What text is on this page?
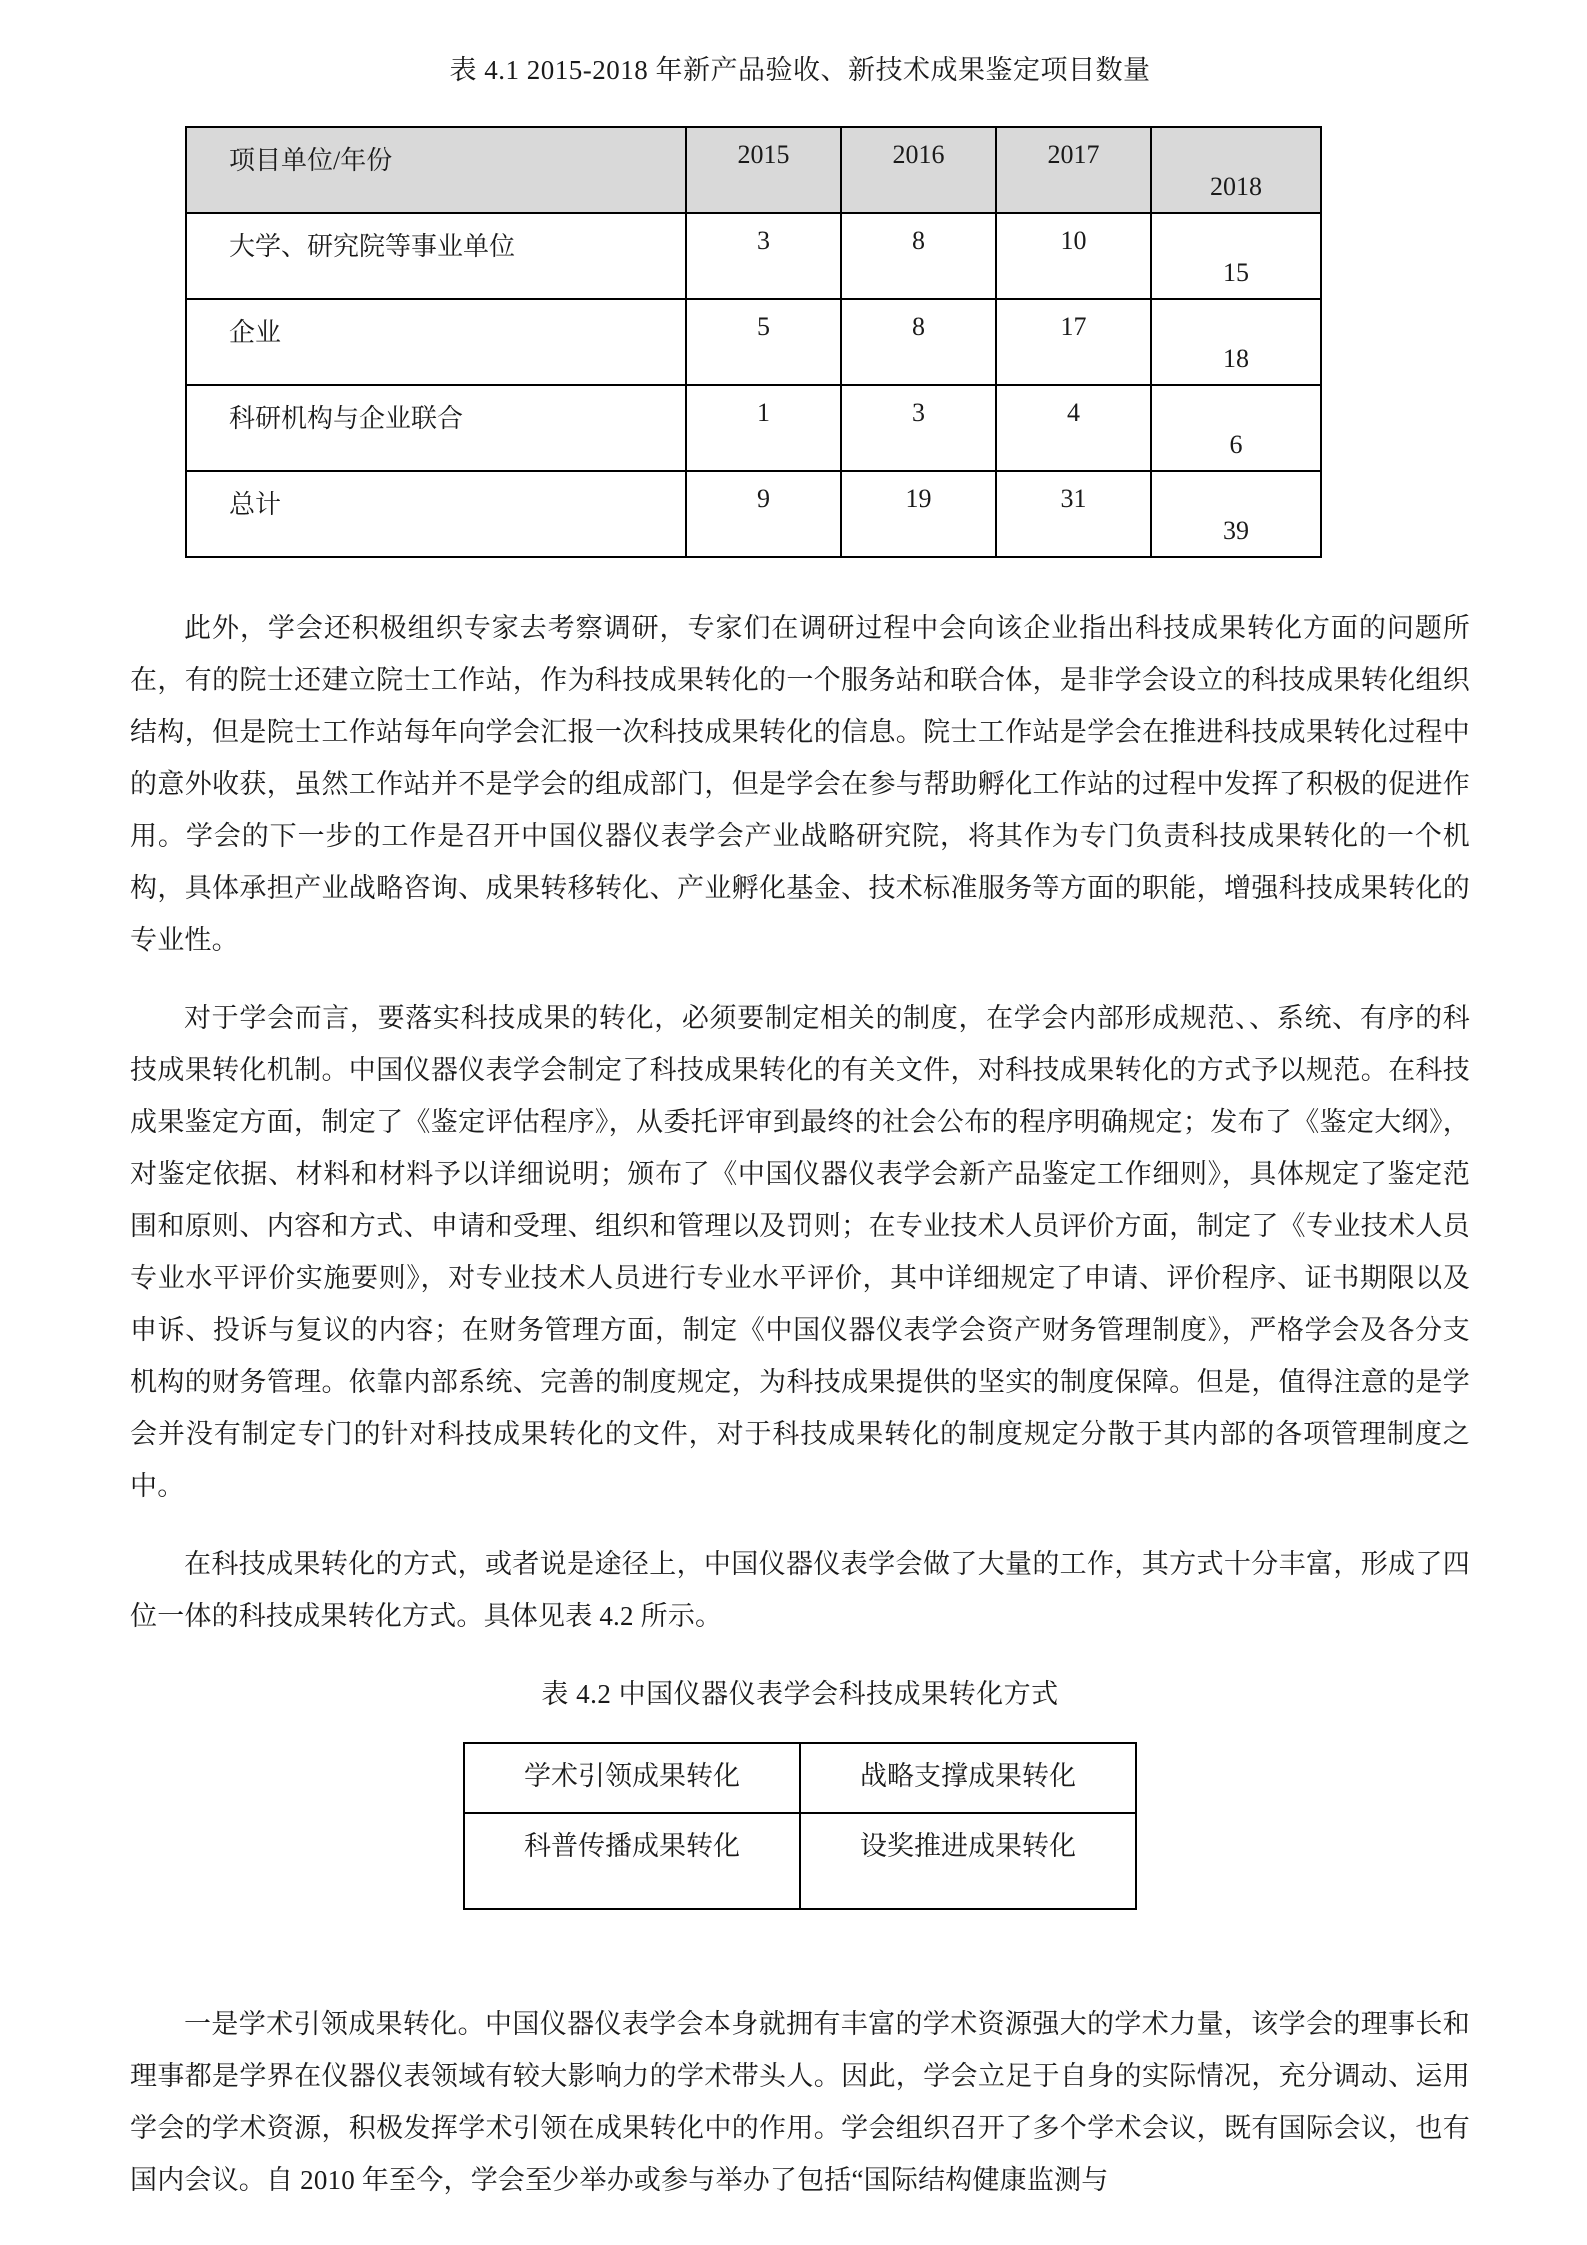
表 4.1 2015-2018 年新产品验收、新技术成果鉴定项目数量
项目单位/年份	2015	2016	2017	2018
大学、研究院等事业单位	3	8	10	15
企业	5	8	17	18
科研机构与企业联合	1	3	4	6
总计	9	19	31	39

此外，学会还积极组织专家去考察调研，专家们在调研过程中会向该企业指出科技成果转化方面的问题所在，有的院士还建立院士工作站，作为科技成果转化的一个服务站和联合体，是非学会设立的科技成果转化组织结构，但是院士工作站每年向学会汇报一次科技成果转化的信息。院士工作站是学会在推进科技成果转化过程中的意外收获，虽然工作站并不是学会的组成部门，但是学会在参与帮助孵化工作站的过程中发挥了积极的促进作用。学会的下一步的工作是召开中国仪器仪表学会产业战略研究院，将其作为专门负责科技成果转化的一个机构，具体承担产业战略咨询、成果转移转化、产业孵化基金、技术标准服务等方面的职能，增强科技成果转化的专业性。

对于学会而言，要落实科技成果的转化，必须要制定相关的制度，在学会内部形成规范、、系统、有序的科技成果转化机制。中国仪器仪表学会制定了科技成果转化的有关文件，对科技成果转化的方式予以规范。在科技成果鉴定方面，制定了《鉴定评估程序》，从委托评审到最终的社会公布的程序明确规定；发布了《鉴定大纲》，对鉴定依据、材料和材料予以详细说明；颁布了《中国仪器仪表学会新产品鉴定工作细则》，具体规定了鉴定范围和原则、内容和方式、申请和受理、组织和管理以及罚则；在专业技术人员评价方面，制定了《专业技术人员专业水平评价实施要则》，对专业技术人员进行专业水平评价，其中详细规定了申请、评价程序、证书期限以及申诉、投诉与复议的内容；在财务管理方面，制定《中国仪器仪表学会资产财务管理制度》，严格学会及各分支机构的财务管理。依靠内部系统、完善的制度规定，为科技成果提供的坚实的制度保障。但是，值得注意的是学会并没有制定专门的针对科技成果转化的文件，对于科技成果转化的制度规定分散于其内部的各项管理制度之中。

在科技成果转化的方式，或者说是途径上，中国仪器仪表学会做了大量的工作，其方式十分丰富，形成了四位一体的科技成果转化方式。具体见表 4.2 所示。

表 4.2 中国仪器仪表学会科技成果转化方式
学术引领成果转化	战略支撑成果转化
科普传播成果转化	设奖推进成果转化

一是学术引领成果转化。中国仪器仪表学会本身就拥有丰富的学术资源强大的学术力量，该学会的理事长和理事都是学界在仪器仪表领域有较大影响力的学术带头人。因此，学会立足于自身的实际情况，充分调动、运用学会的学术资源，积极发挥学术引领在成果转化中的作用。学会组织召开了多个学术会议，既有国际会议，也有国内会议。自 2010 年至今，学会至少举办或参与举办了包括“国际结构健康监测与
